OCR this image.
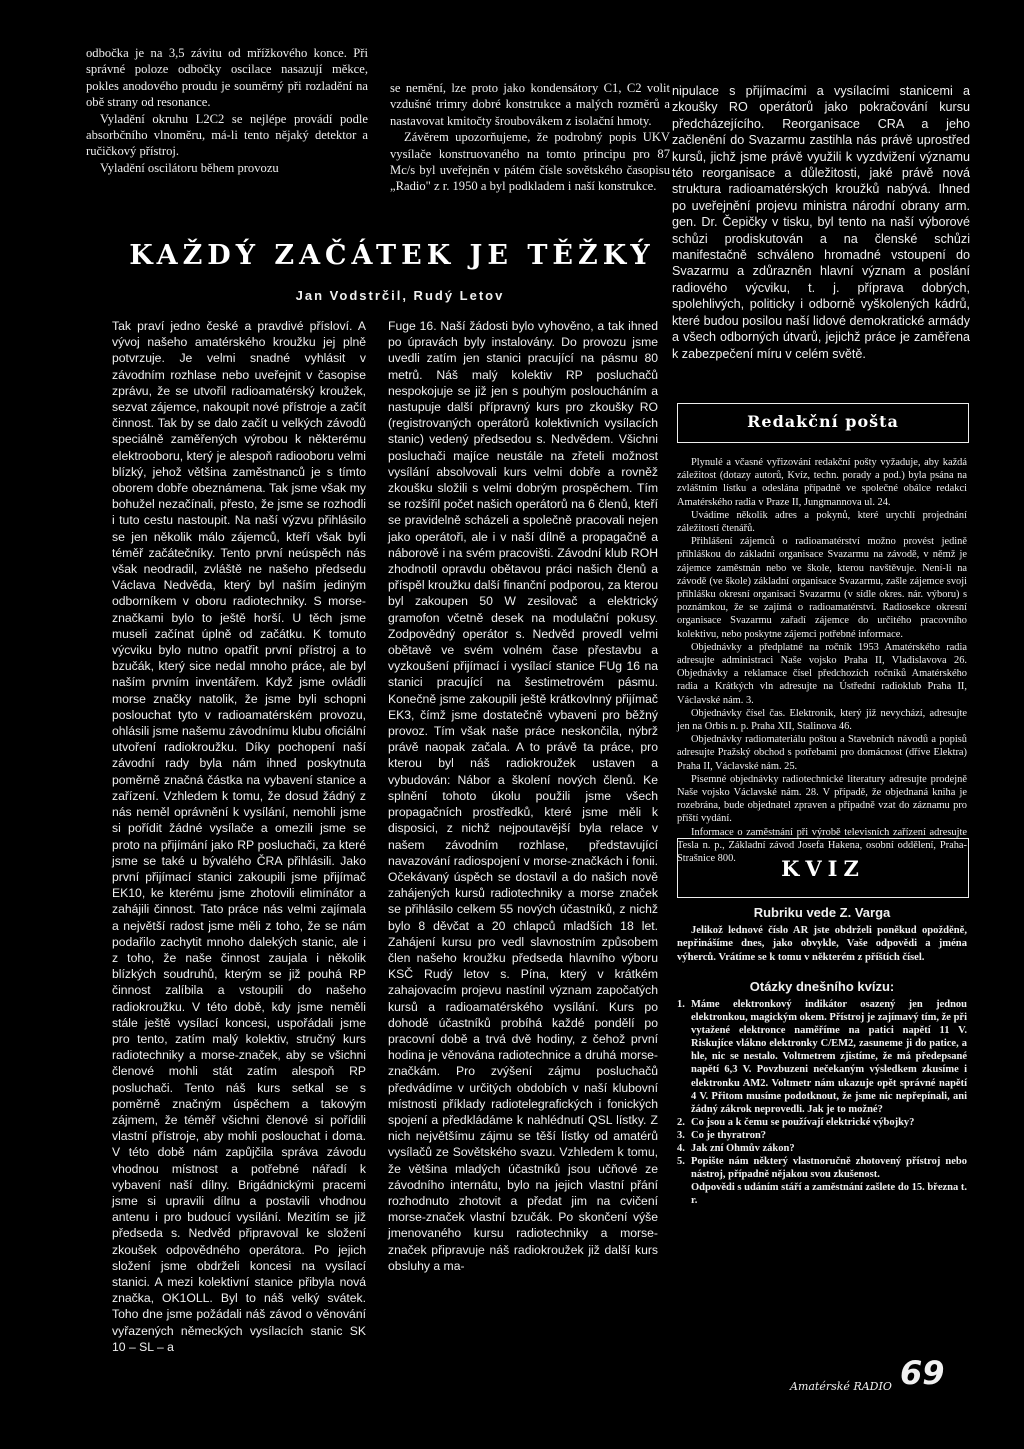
odbočka je na 3,5 závitu od mřížkového konce. Při správné poloze odbočky oscilace nasazují měkce, pokles anodového proudu je souměrný při rozladění na obě strany od resonance.

Vyladění okruhu L2C2 se nejlépe provádí podle absorbčního vlnoměru, má-li tento nějaký detektor a ručičkový přístroj.

Vyladění oscilátoru během provozu

se nemění, lze proto jako kondensátory C1, C2 volit vzdušné trimry dobré konstrukce a malých rozměrů a nastavovat kmitočty šroubovákem z isolační hmoty.

Závěrem upozorňujeme, že podrobný popis UKV vysílače konstruovaného na tomto principu pro 87 Mc/s byl uveřejněn v pátém čísle sovětského časopisu „Radio" z r. 1950 a byl podkladem i naší konstrukce.

nipulace s přijímacími a vysílacími stanicemi a zkoušky RO operátorů jako pokračování kursu předcházejícího. Reorganisace CRA a jeho začlenění do Svazarmu zastihla nás právě uprostřed kursů, jichž jsme právě využili k vyzdvižení významu této reorganisace a důležitosti, jaké právě nová struktura radioamatérských kroužků nabývá. Ihned po uveřejnění projevu ministra národní obrany arm. gen. Dr. Čepičky v tisku, byl tento na naší výborové schůzi prodiskutován a na členské schůzi manifestačně schváleno hromadné vstoupení do Svazarmu a zdůrazněn hlavní význam a poslání radiového výcviku, t. j. příprava dobrých, spolehlivých, politicky i odborně vyškolených kádrů, které budou posilou naší lidové demokratické armády a všech odborných útvarů, jejichž práce je zaměřena k zabezpečení míru v celém světě.

KAŽDÝ ZAČÁTEK JE TĚŽKÝ
Jan Vodstrčil, Rudý Letov

Tak praví jedno české a pravdivé přísloví. A vývoj našeho amatérského kroužku jej plně potvrzuje. Je velmi snadné vyhlásit v závodním rozhlase nebo uveřejnit v časopise zprávu, že se utvořil radioamatérský kroužek, sezvat zájemce, nakoupit nové přístroje a začít činnost. Tak by se dalo začít u velkých závodů speciálně zaměřených výrobou k některému elektrooboru, který je alespoň radiooboru velmi blízký, jehož většina zaměstnanců je s tímto oborem dobře obeznámena. Tak jsme však my bohužel nezačínali, přesto, že jsme se rozhodli i tuto cestu nastoupit. Na naší výzvu přihlásilo se jen několik málo zájemců, kteří však byli téměř začátečníky. Tento první neúspěch nás však neodradil, zvláště ne našeho předsedu Václava Nedvěda, který byl naším jediným odborníkem v oboru radiotechniky. S morse-značkami bylo to ještě horší. U těch jsme museli začínat úplně od začátku. K tomuto výcviku bylo nutno opatřit první přístroj a to bzučák, který sice nedal mnoho práce, ale byl naším prvním inventářem. Když jsme ovládli morse značky natolik, že jsme byli schopni poslouchat tyto v radioamatérském provozu, ohlásili jsme našemu závodnímu klubu oficiální utvoření radiokroužku. Díky pochopení naší závodní rady byla nám ihned poskytnuta poměrně značná částka na vybavení stanice a zařízení. Vzhledem k tomu, že dosud žádný z nás neměl oprávnění k vysílání, nemohli jsme si pořídit žádné vysílače a omezili jsme se proto na přijímání jako RP posluchači, za které jsme se také u bývalého ČRA přihlásili. Jako první přijímací stanici zakoupili jsme přijímač EK10, ke kterému jsme zhotovili elimínátor a zahájili činnost. Tato práce nás velmi zajímala a největší radost jsme měli z toho, že se nám podařilo zachytit mnoho dalekých stanic, ale i z toho, že naše činnost zaujala i několik blízkých soudruhů, kterým se již pouhá RP činnost zalíbila a vstoupili do našeho radiokroužku. V této době, kdy jsme neměli stále ještě vysílací koncesi, uspořádali jsme pro tento, zatím malý kolektiv, stručný kurs radiotechniky a morse-značek, aby se všichni členové mohli stát zatím alespoň RP posluchači. Tento náš kurs setkal se s poměrně značným úspěchem a takovým zájmem, že téměř všichni členové si pořídili vlastní přístroje, aby mohli poslouchat i doma. V této době nám zapůjčila správa závodu vhodnou místnost a potřebné nářadí k vybavení naší dílny. Brigádnickými pracemi jsme si upravili dílnu a postavili vhodnou antenu i pro budoucí vysílání. Mezitím se již předseda s. Nedvěd připravoval ke složení zkoušek odpovědného operátora. Po jejich složení jsme obdrželi koncesi na vysílací stanici. A mezi kolektivní stanice přibyla nová značka, OK1OLL. Byl to náš velký svátek. Toho dne jsme požádali náš závod o věnování vyřazených německých vysílacích stanic SK 10 – SL – a

Fuge 16. Naší žádosti bylo vyhověno, a tak ihned po úpravách byly instalovány. Do provozu jsme uvedli zatím jen stanici pracující na pásmu 80 metrů. Náš malý kolektiv RP posluchačů nespokojuje se již jen s pouhým posloucháním a nastupuje další přípravný kurs pro zkoušky RO (registrovaných operátorů kolektivních vysílacích stanic) vedený předsedou s. Nedvědem. Všichni posluchači majíce neustále na zřeteli možnost vysílání absolvovali kurs velmi dobře a rovněž zkoušku složili s velmi dobrým prospěchem. Tím se rozšířil počet našich operátorů na 6 členů, kteří se pravidelně scházeli a společně pracovali nejen jako operátoři, ale i v naší dílně a propagačně a náborově i na svém pracovišti. Závodní klub ROH zhodnotil opravdu obětavou práci našich členů a příspěl kroužku další finanční podporou, za kterou byl zakoupen 50 W zesilovač a elektrický gramofon včetně desek na modulační pokusy. Zodpovědný operátor s. Nedvěd provedl velmi obětavě ve svém volném čase přestavbu a vyzkoušení přijímací i vysílací stanice FUg 16 na stanici pracující na šestimetrovém pásmu. Konečně jsme zakoupili ještě krátkovlnný přijímač EK3, čímž jsme dostatečně vybaveni pro běžný provoz. Tím však naše práce neskončila, nýbrž právě naopak začala. A to právě ta práce, pro kterou byl náš radiokroužek ustaven a vybudován: Nábor a školení nových členů. Ke splnění tohoto úkolu použili jsme všech propagačních prostředků, které jsme měli k disposici, z nichž nejpoutavější byla relace v našem závodním rozhlase, představující navazování radiospojení v morse-značkách i fonii. Očekávaný úspěch se dostavil a do našich nově zahájených kursů radiotechniky a morse značek se přihlásilo celkem 55 nových účastníků, z nichž bylo 8 děvčat a 20 chlapců mladších 18 let. Zahájení kursu pro vedl slavnostním způsobem člen našeho kroužku předseda hlavního výboru KSČ Rudý letov s. Pína, který v krátkém zahajovacím projevu nastínil význam započatých kursů a radioamatérského vysílání. Kurs po dohodě účastníků probíhá každé pondělí po pracovní době a trvá dvě hodiny, z čehož první hodina je věnována radiotechnice a druhá morse-značkám. Pro zvýšení zájmu posluchačů předvádíme v určitých obdobích v naší klubovní místnosti příklady radiotelegrafických i fonických spojení a předkládáme k nahlédnutí QSL lístky. Z nich největšímu zájmu se těší lístky od amatérů vysílačů ze Sovětského svazu. Vzhledem k tomu, že většina mladých účastníků jsou učňové ze závodního internátu, bylo na jejich vlastní přání rozhodnuto zhotovit a předat jim na cvičení morse-značek vlastní bzučák. Po skončení výše jmenovaného kursu radiotechniky a morse-značek připravuje náš radiokroužek již další kurs obsluhy a ma-

Redakční pošta

Plynulé a včasné vyřizování redakční pošty vyžaduje, aby každá záležitost (dotazy autorů, Kvíz, techn. porady a pod.) byla psána na zvláštním lístku a odeslána případně ve společné obálce redakci Amatérského radia v Praze II, Jungmannova ul. 24.

Uvádíme několik adres a pokynů, které urychlí projednání záležitostí čtenářů.

Přihlášení zájemců o radioamatérství možno provést jedině příhláškou do základní organisace Svazarmu na závodě, v němž je zájemce zaměstnán nebo ve škole, kterou navštěvuje. Není-li na závodě (ve škole) základní organisace Svazarmu, zašle zájemce svoji přihlášku okresní organisaci Svazarmu (v sídle okres. nár. výboru) s poznámkou, že se zajímá o radioamatérství. Radiosekce okresní organisace Svazarmu zařadí zájemce do určitého pracovního kolektivu, nebo poskytne zájemci potřebné informace.

Objednávky a předplatné na ročník 1953 Amatérského radia adresujte administraci Naše vojsko Praha II, Vladislavova 26. Objednávky a reklamace čísel předchozích ročníků Amatérského radia a Krátkých vln adresujte na Ústřední radioklub Praha II, Václavské nám. 3.

Objednávky čísel čas. Elektronik, který již nevychází, adresujte jen na Orbis n. p. Praha XII, Stalinova 46.

Objednávky radiomateriálu poštou a Stavebních návodů a popisů adresujte Pražský obchod s potřebami pro domácnost (dříve Elektra) Praha II, Václavské nám. 25.

Písemné objednávky radiotechnické literatury adresujte prodejně Naše vojsko Václavské nám. 28. V případě, že objednaná kniha je rozebrána, bude objednatel zpraven a případně vzat do záznamu pro příští vydání.

Informace o zaměstnání při výrobě televisních zařízení adresujte Tesla n. p., Základní závod Josefa Hakena, osobní oddělení, Praha-Strašnice 800.	KVIZ
Rubriku vede Z. Varga

Jelikož lednové číslo AR jste obdrželi poněkud opožděně, nepřinášíme dnes, jako obvykle, Vaše odpovědi a jména výherců. Vrátíme se k tomu v některém z příštích čísel.

Otázky dnešního kvízu:
1. Máme elektronkový indikátor osazený jen jednou elektronkou, magickým okem. Přístroj je zajímavý tím, že při vytažené elektronce naměříme na patici napětí 11 V. Riskujíce vlákno elektronky C/EM2, zasuneme ji do patice, a hle, nic se nestalo. Voltmetrem zjistíme, že má předepsané napětí 6,3 V. Povzbuzeni nečekaným výsledkem zkusíme i elektronku AM2. Voltmetr nám ukazuje opět správné napětí 4 V. Přitom musíme podotknout, že jsme nic nepřepínali, ani žádný zákrok neprovedli. Jak je to možné?
2. Co jsou a k čemu se používají elektrické výbojky?
3. Co je thyratron?
4. Jak zní Ohmův zákon?
5. Popište nám některý vlastnoručně zhotovený přístroj nebo nástroj, případně nějakou svou zkušenost.
Odpovědi s udáním stáří a zaměstnání zašlete do 15. března t. r.
Amatérské RADIO 69
